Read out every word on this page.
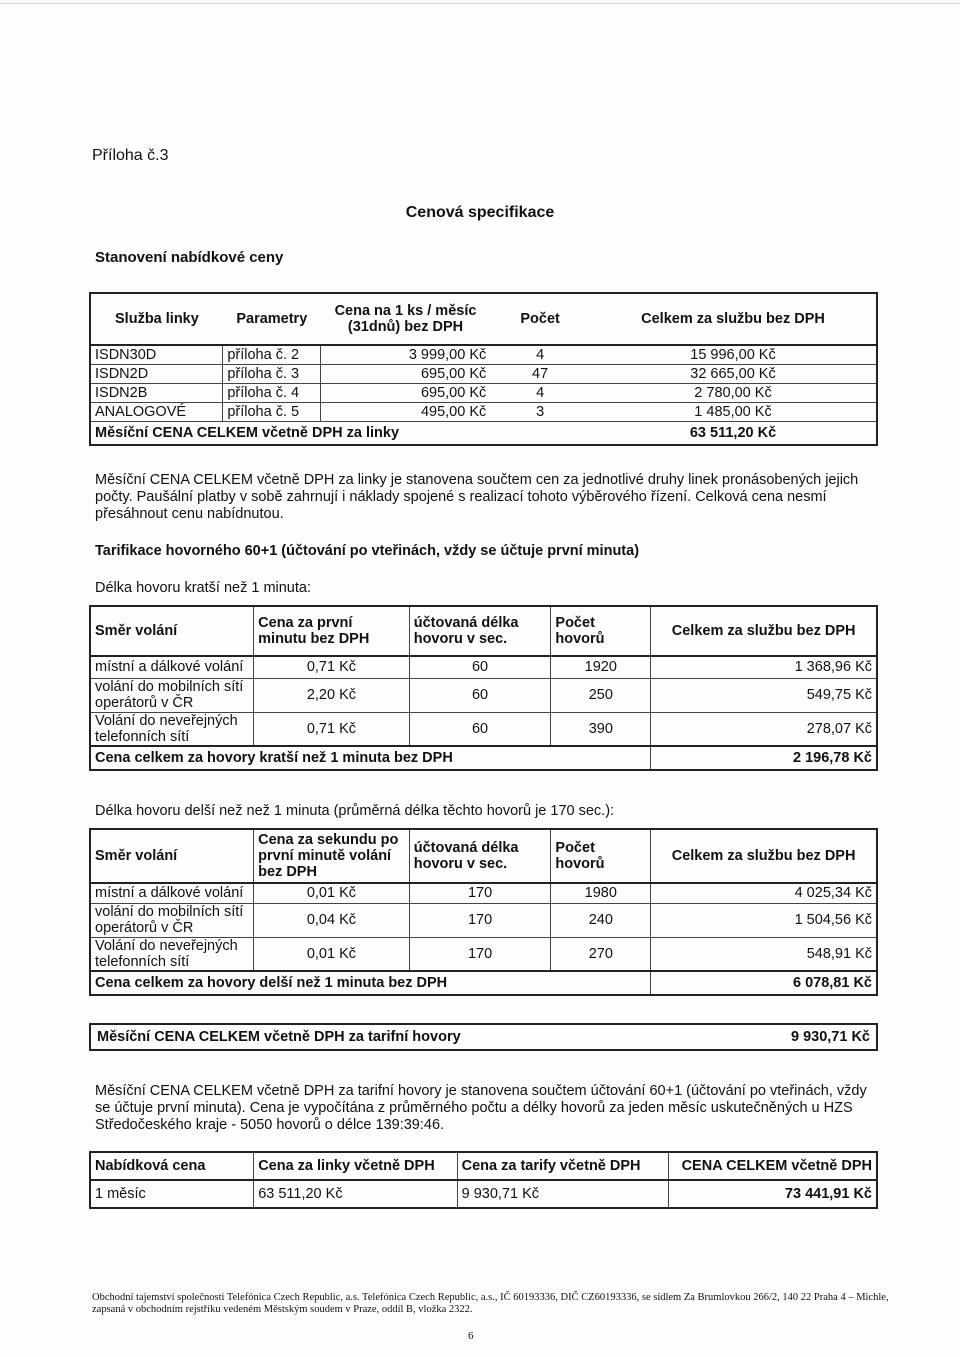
Příloha č.3
Cenová specifikace
Stanovení nabídkové ceny
Služba linky	Parametry	Cena na 1 ks / měsíc (31dnů) bez DPH	Počet	Celkem za službu bez DPH
ISDN30D	příloha č. 2	3 999,00 Kč	4	15 996,00 Kč
ISDN2D	příloha č. 3	695,00 Kč	47	32 665,00 Kč
ISDN2B	příloha č. 4	695,00 Kč	4	2 780,00 Kč
ANALOGOVÉ	příloha č. 5	495,00 Kč	3	1 485,00 Kč
Měsíční CENA CELKEM včetně DPH za linky				63 511,20 Kč
Měsíční CENA CELKEM včetně DPH za linky je stanovena součtem cen za jednotlivé druhy linek pronásobených jejich počty. Paušální platby v sobě zahrnují i náklady spojené s realizací tohoto výběrového řízení. Celková cena nesmí přesáhnout cenu nabídnutou.
Tarifikace hovorného 60+1 (účtování po vteřinách, vždy se účtuje první minuta)
Délka hovoru kratší než 1 minuta:
Směr volání	Cena za první minutu bez DPH	účtovaná délka hovoru v sec.	Počet hovorů	Celkem za službu bez DPH
místní a dálkové volání	0,71 Kč	60	1920	1 368,96 Kč
volání do mobilních sítí operátorů v ČR	2,20 Kč	60	250	549,75 Kč
Volání do neveřejných telefonních sítí	0,71 Kč	60	390	278,07 Kč
Cena celkem za hovory kratší než 1 minuta bez DPH				2 196,78 Kč
Délka hovoru delší než než 1 minuta (průměrná délka těchto hovorů je 170 sec.):
Směr volání	Cena za sekundu po první minutě volání bez DPH	účtovaná délka hovoru v sec.	Počet hovorů	Celkem za službu bez DPH
místní a dálkové volání	0,01 Kč	170	1980	4 025,34 Kč
volání do mobilních sítí operátorů v ČR	0,04 Kč	170	240	1 504,56 Kč
Volání do neveřejných telefonních sítí	0,01 Kč	170	270	548,91 Kč
Cena celkem za hovory delší než 1 minuta bez DPH				6 078,81 Kč
Měsíční CENA CELKEM včetně DPH za tarifní hovory	9 930,71 Kč
Měsíční CENA CELKEM včetně DPH za tarifní hovory je stanovena součtem účtování 60+1 (účtování po vteřinách, vždy se účtuje první minuta). Cena je vypočítána z průměrného počtu a délky hovorů za jeden měsíc uskutečněných u HZS Středočeského kraje - 5050 hovorů o délce 139:39:46.
Nabídková cena	Cena za linky včetně DPH	Cena za tarify včetně DPH	CENA CELKEM včetně DPH
1 měsíc	63 511,20 Kč	9 930,71 Kč	73 441,91 Kč
Obchodní tajemství společnosti Telefónica Czech Republic, a.s. Telefónica Czech Republic, a.s., IČ 60193336, DIČ CZ60193336, se sídlem Za Brumlovkou 266/2, 140 22 Praha 4 – Michle, zapsaná v obchodním rejstříku vedeném Městským soudem v Praze, oddíl B, vložka 2322.
6
